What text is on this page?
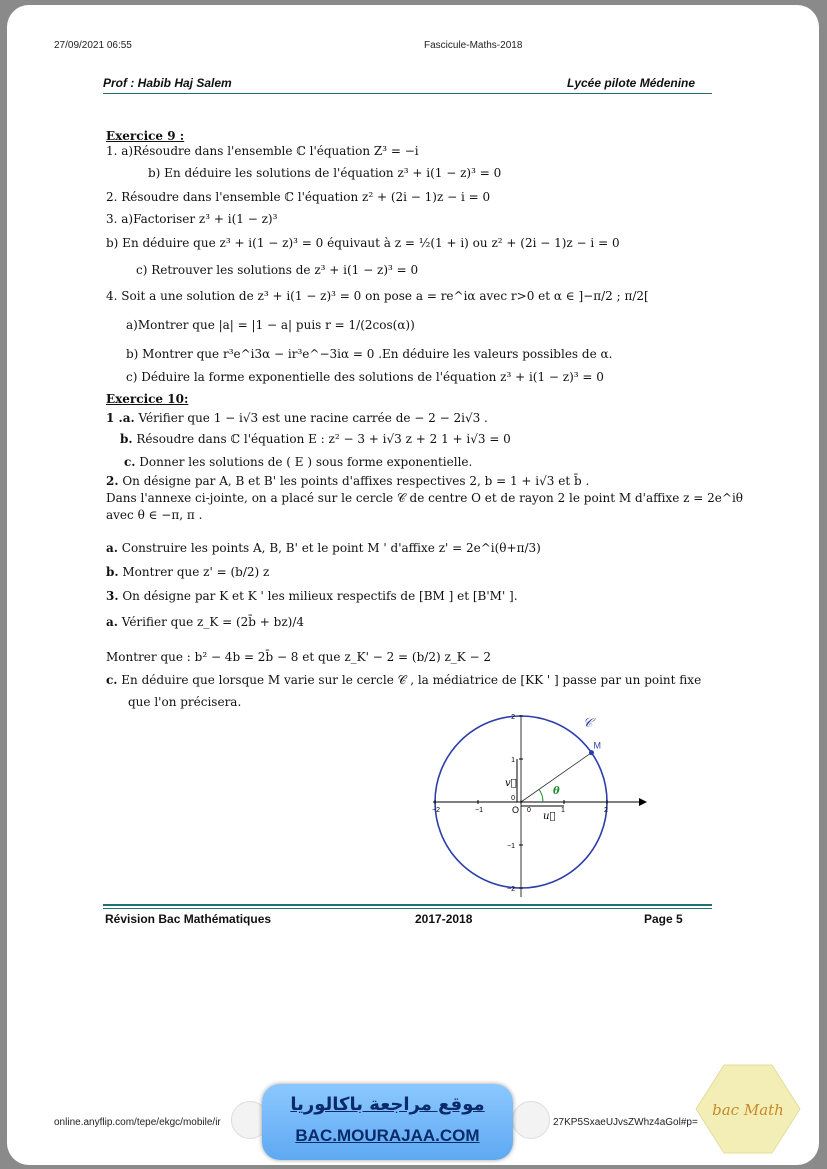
27/09/2021 06:55	Fascicule-Maths-2018
Prof : Habib Haj Salem	Lycée pilote Médenine
Exercice 9 :
1. a)Résoudre dans l'ensemble ℂ l'équation Z³ = −i
b) En déduire les solutions de l'équation z³ + i(1 − z)³ = 0
2. Résoudre dans l'ensemble ℂ l'équation z² + (2i − 1)z − i = 0
3. a)Factoriser z³ + i(1 − z)³
b) En déduire que z³ + i(1 − z)³ = 0 équivaut à z = ½(1 + i) ou z² + (2i − 1)z − i = 0
c) Retrouver les solutions de z³ + i(1 − z)³ = 0
4. Soit a une solution de z³ + i(1 − z)³ = 0 on pose a = re^iα avec r>0 et α ∈ ]−π/2 ; π/2[
a)Montrer que |a| = |1 − a| puis r = 1/(2cos(α))
b) Montrer que r³e^i3α − ir³e^−3iα = 0 .En déduire les valeurs possibles de α.
c) Déduire la forme exponentielle des solutions de l'équation z³ + i(1 − z)³ = 0
Exercice 10:
1 .a. Vérifier que 1 − i√3 est une racine carrée de − 2 − 2i√3 .
b. Résoudre dans ℂ l'équation E : z² − 3 + i√3 z + 2 1 + i√3 = 0
c. Donner les solutions de ( E ) sous forme exponentielle.
2. On désigne par A, B et B' les points d'affixes respectives 2, b = 1 + i√3 et b̄ .
Dans l'annexe ci-jointe, on a placé sur le cercle 𝒞 de centre O et de rayon 2 le point M d'affixe z = 2e^iθ
avec θ ∈ −π, π .
a. Construire les points A, B, B' et le point M ' d'affixe z' = 2e^i(θ+π/3)
b. Montrer que z' = (b/2) z
3. On désigne par K et K ' les milieux respectifs de [BM ] et [B'M' ].
a. Vérifier que z_K = (2b̄ + bz)/4
Montrer que : b² − 4b = 2b̄ − 8 et que z_K' − 2 = (b/2) z_K − 2
c. En déduire que lorsque M varie sur le cercle 𝒞 , la médiatrice de [KK ' ] passe par un point fixe
que l'on précisera.
−2	−1	0	1	2
2
1
0
−1
−2
𝒞
M
θ
O
u⃗
v⃗
Révision Bac Mathématiques	2017-2018	Page 5
online.anyflip.com/tepe/ekgc/mobile/ir	27KP5SxaeUJvsZWhz4aGol#p=
موقع مراجعة باكالوريا
BAC.MOURAJAA.COM
bac Math
